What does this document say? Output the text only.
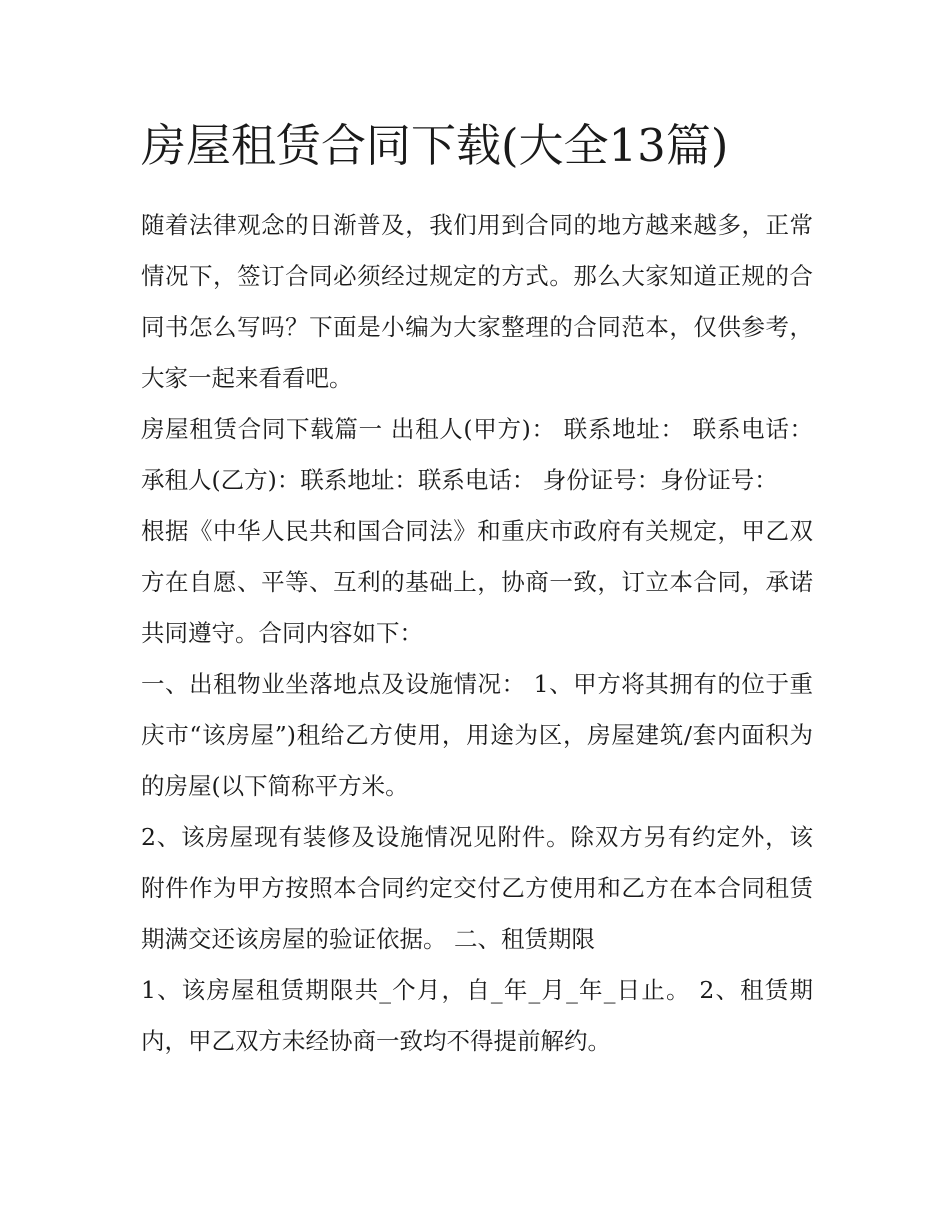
房屋租赁合同下载(大全13篇)

随着法律观念的日渐普及，我们用到合同的地方越来越多，正常情况下，签订合同必须经过规定的方式。那么大家知道正规的合同书怎么写吗？下面是小编为大家整理的合同范本，仅供参考，大家一起来看看吧。

房屋租赁合同下载篇一 出租人(甲方)： 联系地址： 联系电话：承租人(乙方)：联系地址：联系电话： 身份证号：身份证号：

根据《中华人民共和国合同法》和重庆市政府有关规定，甲乙双方在自愿、平等、互利的基础上，协商一致，订立本合同，承诺共同遵守。合同内容如下：

一、出租物业坐落地点及设施情况： 1、甲方将其拥有的位于重庆市“该房屋”)租给乙方使用，用途为区，房屋建筑/套内面积为的房屋(以下简称平方米。

2、该房屋现有装修及设施情况见附件。除双方另有约定外，该附件作为甲方按照本合同约定交付乙方使用和乙方在本合同租赁期满交还该房屋的验证依据。 二、租赁期限

1、该房屋租赁期限共_个月，自_年_月_年_日止。 2、租赁期内，甲乙双方未经协商一致均不得提前解约。
